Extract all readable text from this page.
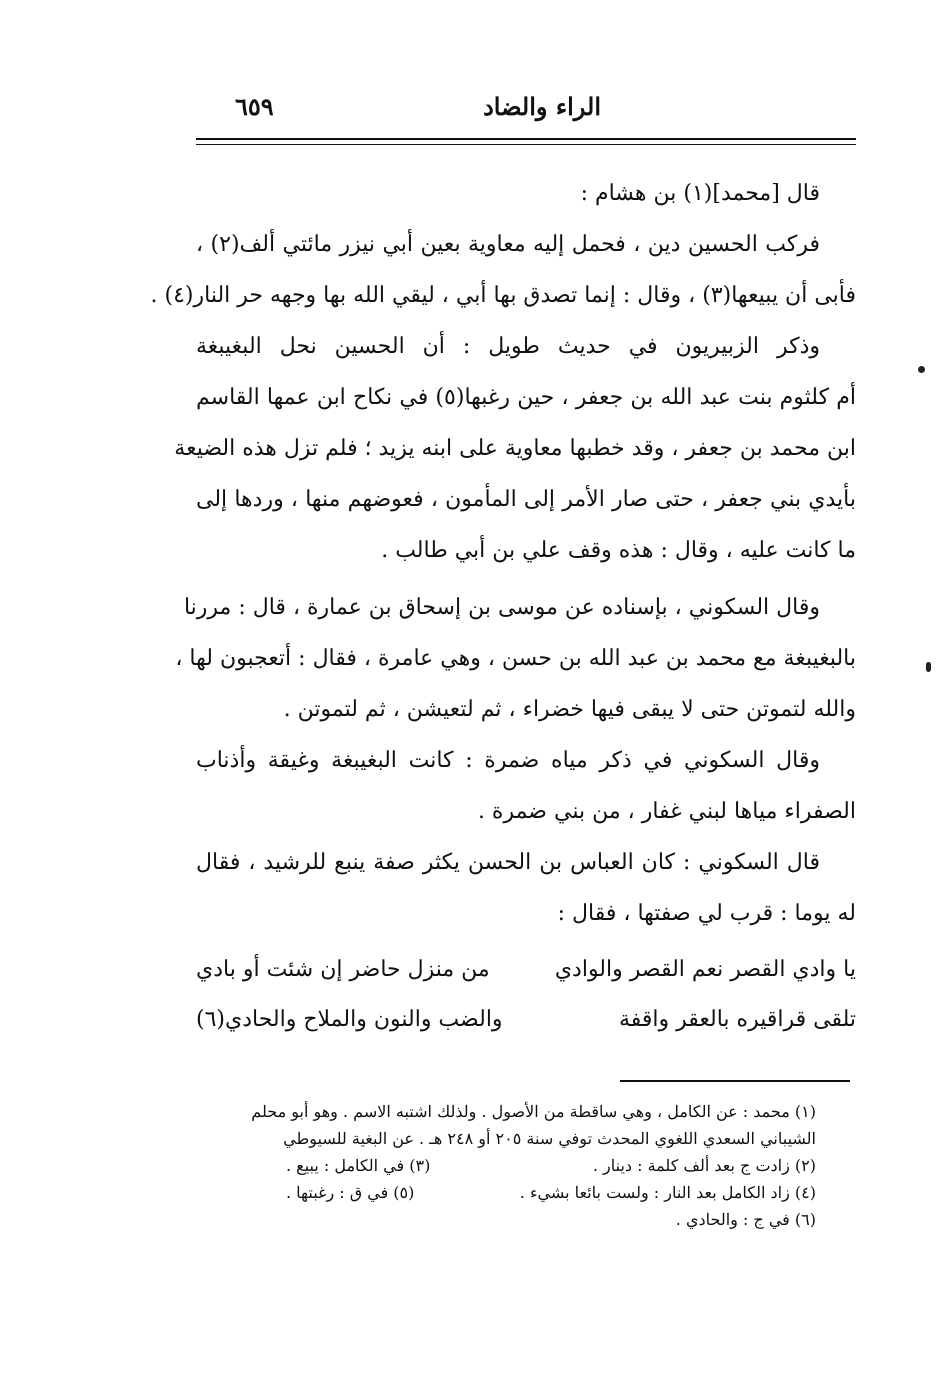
الراء والضاد
٦٥٩
قال [محمد](١) بن هشام :
فركب الحسين دين ، فحمل إليه معاوية بعين أبي نيزر مائتي ألف(٢) ،
فأبى أن يبيعها(٣) ، وقال : إنما تصدق بها أبي ، ليقي الله بها وجهه حر النار(٤) .
وذكر الزبيريون في حديث طويل : أن الحسين نحل البغيبغة
أم كلثوم بنت عبد الله بن جعفر ، حين رغبها(٥) في نكاح ابن عمها القاسم
ابن محمد بن جعفر ، وقد خطبها معاوية على ابنه يزيد ؛ فلم تزل هذه الضيعة
بأيدي بني جعفر ، حتى صار الأمر إلى المأمون ، فعوضهم منها ، وردها إلى
ما كانت عليه ، وقال : هذه وقف علي بن أبي طالب .
وقال السكوني ، بإسناده عن موسى بن إسحاق بن عمارة ، قال : مررنا
بالبغيبغة مع محمد بن عبد الله بن حسن ، وهي عامرة ، فقال : أتعجبون لها ،
والله لتموتن حتى لا يبقى فيها خضراء ، ثم لتعيشن ، ثم لتموتن .
وقال السكوني في ذكر مياه ضمرة : كانت البغيبغة وغيقة وأذناب
الصفراء مياها لبني غفار ، من بني ضمرة .
قال السكوني : كان العباس بن الحسن يكثر صفة ينبع للرشيد ، فقال
له يوما : قرب لي صفتها ، فقال :
يا وادي القصر نعم القصر والوادي
من منزل حاضر إن شئت أو بادي
تلقى قراقيره بالعقر واقفة
والضب والنون والملاح والحادي(٦)
(١) محمد : عن الكامل ، وهي ساقطة من الأصول . ولذلك اشتبه الاسم . وهو أبو محلم
الشيباني السعدي اللغوي المحدث توفي سنة ٢٠٥ أو ٢٤٨ هـ . عن البغية للسيوطي
(٢) زادت ج بعد ألف كلمة : دينار .
(٣) في الكامل : يبيع .
(٤) زاد الكامل بعد النار : ولست بائعا بشيء .
(٥) في ق : رغبتها .
(٦) في ج : والحادي .
